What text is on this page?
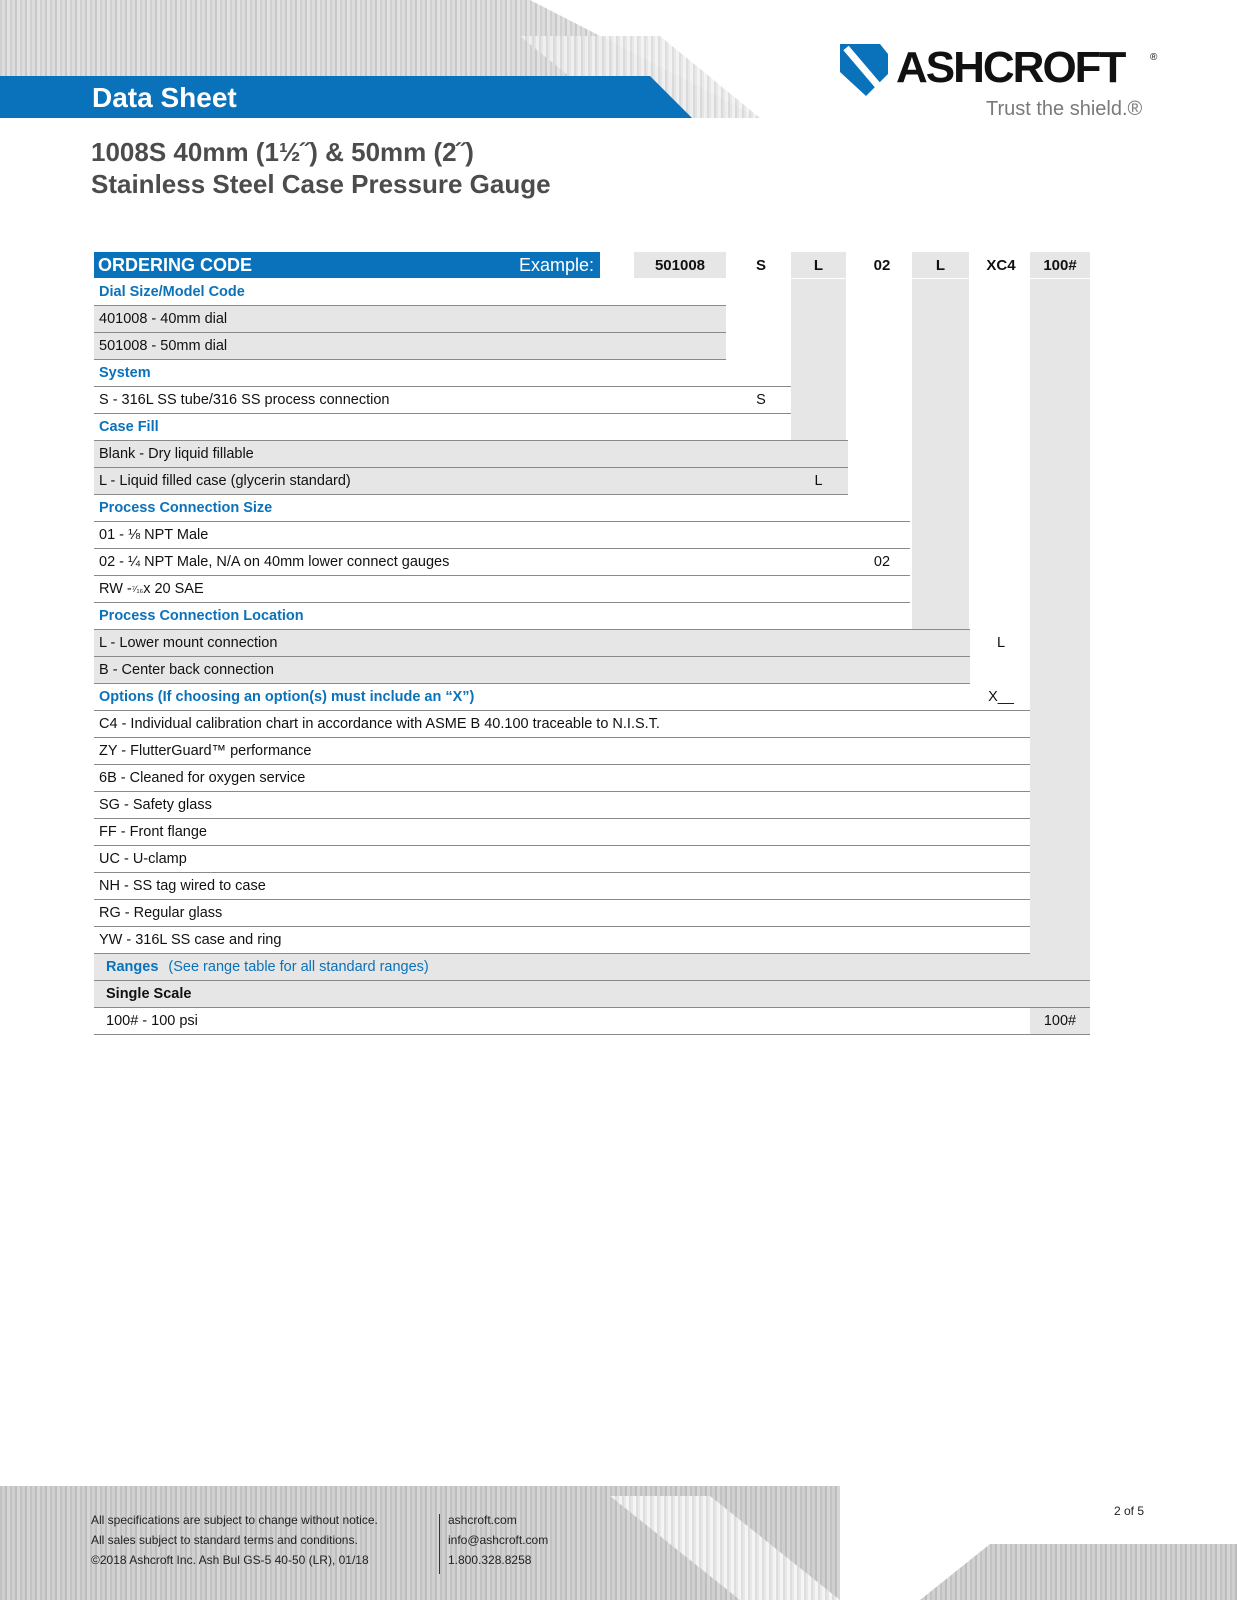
Data Sheet
ASHCROFT	®
Trust the shield.®
1008S 40mm (1½˝) & 50mm (2˝)
Stainless Steel Case Pressure Gauge
ORDERING CODE	Example:	501008	S	L	02	L	XC4	100#
Dial Size/Model Code
401008 - 40mm dial
501008 - 50mm dial
System
S - 316L SS tube/316 SS process connection	S
Case Fill
Blank - Dry liquid fillable
L - Liquid filled case (glycerin standard)	L
Process Connection Size
01 - ⅛ NPT Male
02 - ¼ NPT Male, N/A on 40mm lower connect gauges	02
RW - ⁷⁄₁₆ x 20 SAE
Process Connection Location
L - Lower mount connection	L
B - Center back connection
Options (If choosing an option(s) must include an “X”)	X__
C4 - Individual calibration chart in accordance with ASME B 40.100 traceable to N.I.S.T.
ZY - FlutterGuard™ performance
6B - Cleaned for oxygen service
SG - Safety glass
FF - Front flange
UC - U-clamp
NH - SS tag wired to case
RG - Regular glass
YW - 316L SS case and ring
Ranges (See range table for all standard ranges)
Single Scale
100# - 100 psi	100#
All specifications are subject to change without notice.
All sales subject to standard terms and conditions.
©2018 Ashcroft Inc. Ash Bul GS-5 40-50 (LR), 01/18
ashcroft.com
info@ashcroft.com
1.800.328.8258
2 of 5
